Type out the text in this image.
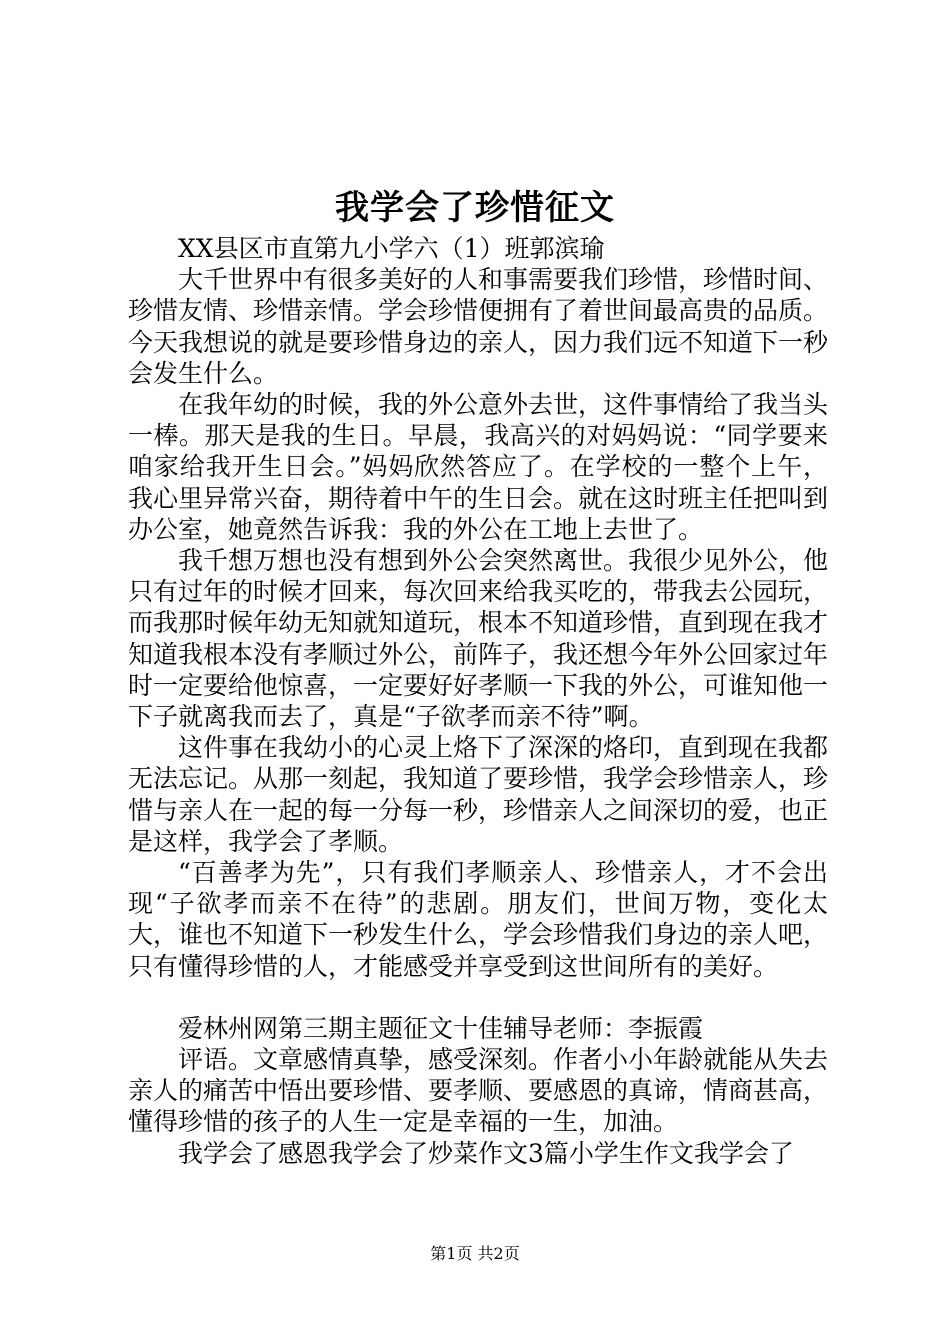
我学会了珍惜征文

XX县区市直第九小学六（1）班郭滨瑜

大千世界中有很多美好的人和事需要我们珍惜，珍惜时间、珍惜友情、珍惜亲情。学会珍惜便拥有了着世间最高贵的品质。今天我想说的就是要珍惜身边的亲人，因力我们远不知道下一秒会发生什么。

在我年幼的时候，我的外公意外去世，这件事情给了我当头一棒。那天是我的生日。早晨，我高兴的对妈妈说：“同学要来咱家给我开生日会。”妈妈欣然答应了。在学校的一整个上午，我心里异常兴奋，期待着中午的生日会。就在这时班主任把叫到办公室，她竟然告诉我：我的外公在工地上去世了。

我千想万想也没有想到外公会突然离世。我很少见外公，他只有过年的时候才回来，每次回来给我买吃的，带我去公园玩，而我那时候年幼无知就知道玩，根本不知道珍惜，直到现在我才知道我根本没有孝顺过外公，前阵子，我还想今年外公回家过年时一定要给他惊喜，一定要好好孝顺一下我的外公，可谁知他一下子就离我而去了，真是“子欲孝而亲不待”啊。

这件事在我幼小的心灵上烙下了深深的烙印，直到现在我都无法忘记。从那一刻起，我知道了要珍惜，我学会珍惜亲人，珍惜与亲人在一起的每一分每一秒，珍惜亲人之间深切的爱，也正是这样，我学会了孝顺。

“百善孝为先”，只有我们孝顺亲人、珍惜亲人，才不会出现“子欲孝而亲不在待”的悲剧。朋友们，世间万物，变化太大，谁也不知道下一秒发生什么，学会珍惜我们身边的亲人吧，只有懂得珍惜的人，才能感受并享受到这世间所有的美好。

爱林州网第三期主题征文十佳辅导老师：李振霞

评语。文章感情真挚，感受深刻。作者小小年龄就能从失去亲人的痛苦中悟出要珍惜、要孝顺、要感恩的真谛，情商甚高，懂得珍惜的孩子的人生一定是幸福的一生，加油。

我学会了感恩我学会了炒菜作文3篇小学生作文我学会了

第1页 共2页
